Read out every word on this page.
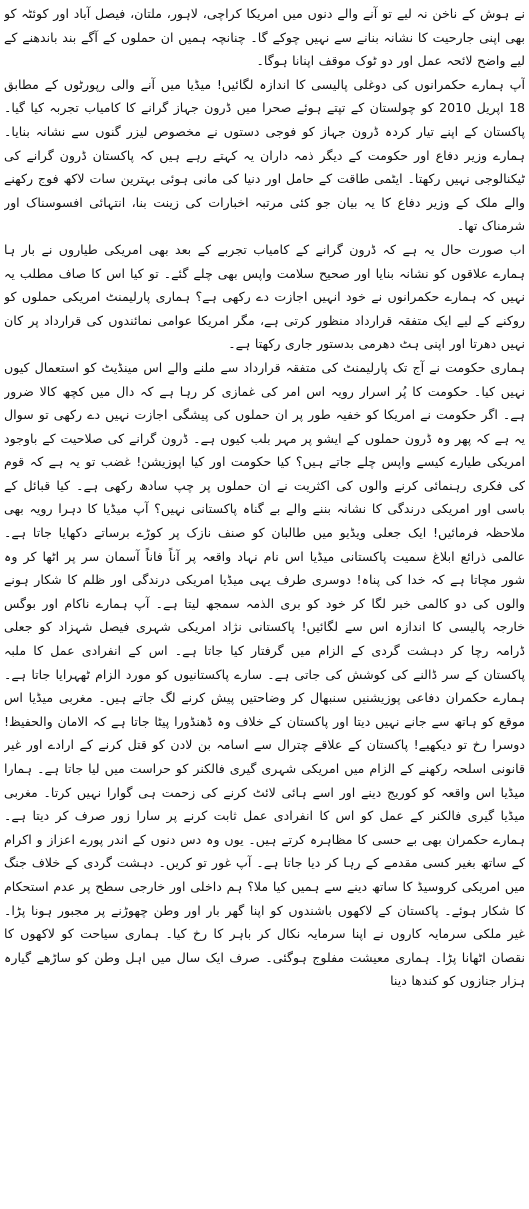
نے ہوش کے ناخن نہ لیے تو آنے والے دنوں میں امریکا کراچی، لاہور، ملتان، فیصل آباد اور کوئٹہ کو بھی اپنی جارحیت کا نشانہ بنانے سے نہیں چوکے گا۔ چنانچہ ہمیں ان حملوں کے آگے بند باندھنے کے لیے واضح لائحہ عمل اور دو ٹوک موقف اپنانا ہوگا۔

آپ ہمارے حکمرانوں کی دوغلی پالیسی کا اندازہ لگائیں! میڈیا میں آنے والی رپورٹوں کے مطابق 18 اپریل 2010 کو چولستان کے تپتے ہوئے صحرا میں ڈرون جہاز گرانے کا کامیاب تجربہ کیا گیا۔ پاکستان کے اپنے تیار کردہ ڈرون جہاز کو فوجی دستوں نے مخصوص لیزر گنوں سے نشانہ بنایا۔ ہمارے وزیر دفاع اور حکومت کے دیگر ذمہ داران یہ کہتے رہے ہیں کہ پاکستان ڈرون گرانے کی ٹیکنالوجی نہیں رکھتا۔ ایٹمی طاقت کے حامل اور دنیا کی مانی ہوئی بہترین سات لاکھ فوج رکھنے والے ملک کے وزیر دفاع کا یہ بیان جو کئی مرتبہ اخبارات کی زینت بنا، انتہائی افسوسناک اور شرمناک تھا۔

اب صورت حال یہ ہے کہ ڈرون گرانے کے کامیاب تجربے کے بعد بھی امریکی طیاروں نے بار ہا ہمارے علاقوں کو نشانہ بنایا اور صحیح سلامت واپس بھی چلے گئے۔ تو کیا اس کا صاف مطلب یہ نہیں کہ ہمارے حکمرانوں نے خود انہیں اجازت دے رکھی ہے؟ ہماری پارلیمنٹ امریکی حملوں کو روکنے کے لیے ایک متفقہ قرارداد منظور کرتی ہے، مگر امریکا عوامی نمائندوں کی قرارداد پر کان نہیں دھرتا اور اپنی ہٹ دھرمی بدستور جاری رکھتا ہے۔

ہماری حکومت نے آج تک پارلیمنٹ کی متفقہ قرارداد سے ملنے والے اس مینڈیٹ کو استعمال کیوں نہیں کیا۔ حکومت کا پُر اسرار رویہ اس امر کی غمازی کر رہا ہے کہ دال میں کچھ کالا ضرور ہے۔ اگر حکومت نے امریکا کو خفیہ طور پر ان حملوں کی پیشگی اجازت نہیں دے رکھی تو سوال یہ ہے کہ پھر وہ ڈرون حملوں کے ایشو پر مہر بلب کیوں ہے۔ ڈرون گرانے کی صلاحیت کے باوجود امریکی طیارے کیسے واپس چلے جاتے ہیں؟ کیا حکومت اور کیا اپوزیشن! غضب تو یہ ہے کہ قوم کی فکری رہنمائی کرنے والوں کی اکثریت نے ان حملوں پر چپ سادھ رکھی ہے۔ کیا قبائل کے باسی اور امریکی درندگی کا نشانہ بننے والے بے گناہ پاکستانی نہیں؟ آپ میڈیا کا دہرا رویہ بھی ملاحظہ فرمائیں! ایک جعلی ویڈیو میں طالبان کو صنف نازک پر کوڑے برساتے دکھایا جاتا ہے۔ عالمی ذرائع ابلاغ سمیت پاکستانی میڈیا اس نام نہاد واقعہ پر آناً فاناً آسمان سر پر اٹھا کر وہ شور مچاتا ہے کہ خدا کی پناہ! دوسری طرف یہی میڈیا امریکی درندگی اور ظلم کا شکار ہونے والوں کی دو کالمی خبر لگا کر خود کو بری الذمہ سمجھ لیتا ہے۔ آپ ہمارے ناکام اور بوگس خارجہ پالیسی کا اندازہ اس سے لگائیں! پاکستانی نژاد امریکی شہری فیصل شہزاد کو جعلی ڈرامہ رچا کر دہشت گردی کے الزام میں گرفتار کیا جاتا ہے۔ اس کے انفرادی عمل کا ملبہ پاکستان کے سر ڈالنے کی کوشش کی جاتی ہے۔ سارے پاکستانیوں کو مورد الزام ٹھہرایا جاتا ہے۔ ہمارے حکمران دفاعی پوزیشنیں سنبھال کر وضاحتیں پیش کرنے لگ جاتے ہیں۔ مغربی میڈیا اس موقع کو ہاتھ سے جانے نہیں دیتا اور پاکستان کے خلاف وہ ڈھنڈورا پیٹا جاتا ہے کہ الامان والحفیظ! دوسرا رخ تو دیکھیے! پاکستان کے علاقے چترال سے اسامہ بن لادن کو قتل کرنے کے ارادے اور غیر قانونی اسلحہ رکھنے کے الزام میں امریکی شہری گیری فالکنر کو حراست میں لیا جاتا ہے۔ ہمارا میڈیا اس واقعہ کو کوریج دینے اور اسے ہائی لائٹ کرنے کی زحمت ہی گوارا نہیں کرتا۔ مغربی میڈیا گیری فالکنر کے عمل کو اس کا انفرادی عمل ثابت کرنے پر سارا زور صرف کر دیتا ہے۔ ہمارے حکمران بھی بے حسی کا مظاہرہ کرتے ہیں۔ یوں وہ دس دنوں کے اندر پورے اعزاز و اکرام کے ساتھ بغیر کسی مقدمے کے رہا کر دیا جاتا ہے۔ آپ غور تو کریں۔ دہشت گردی کے خلاف جنگ میں امریکی کروسیڈ کا ساتھ دینے سے ہمیں کیا ملا؟ ہم داخلی اور خارجی سطح پر عدم استحکام کا شکار ہوئے۔ پاکستان کے لاکھوں باشندوں کو اپنا گھر بار اور وطن چھوڑنے پر مجبور ہونا پڑا۔ غیر ملکی سرمایہ کاروں نے اپنا سرمایہ نکال کر باہر کا رخ کیا۔ ہماری سیاحت کو لاکھوں کا نقصان اٹھانا پڑا۔ ہماری معیشت مفلوج ہوگئی۔ صرف ایک سال میں اہل وطن کو ساڑھے گیارہ ہزار جنازوں کو کندھا دینا
